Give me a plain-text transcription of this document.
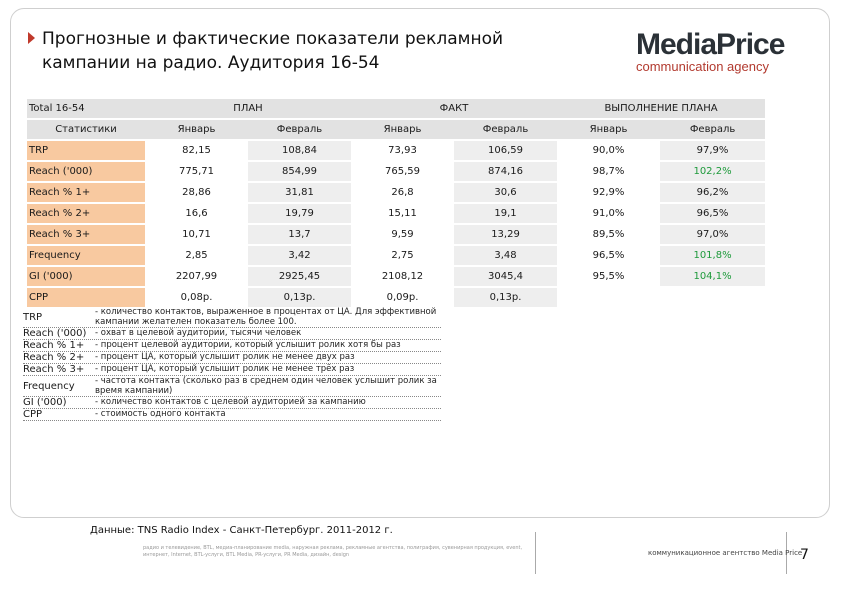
Прогнозные и фактические показатели рекламной кампании на радио. Аудитория 16-54
MediaPrice
communication agency
Total 16-54	ПЛАН		ФАКТ		ВЫПОЛНЕНИЕ ПЛАНА	
Статистики	Январь	Февраль	Январь	Февраль	Январь	Февраль
TRP	82,15	108,84	73,93	106,59	90,0%	97,9%
Reach ('000)	775,71	854,99	765,59	874,16	98,7%	102,2%
Reach % 1+	28,86	31,81	26,8	30,6	92,9%	96,2%
Reach % 2+	16,6	19,79	15,11	19,1	91,0%	96,5%
Reach % 3+	10,71	13,7	9,59	13,29	89,5%	97,0%
Frequency	2,85	3,42	2,75	3,48	96,5%	101,8%
GI ('000)	2207,99	2925,45	2108,12	3045,4	95,5%	104,1%
CPP	0,08р.	0,13р.	0,09р.	0,13р.		
TRP	- количество контактов, выраженное в процентах от ЦА. Для эффективной кампании желателен показатель более 100.
Reach ('000)	- охват в целевой аудитории, тысячи человек
Reach % 1+	- процент целевой аудитории, который услышит ролик хотя бы раз
Reach % 2+	- процент ЦА, который услышит ролик не менее двух раз
Reach % 3+	- процент ЦА, который услышит ролик не менее трёх раз
Frequency	- частота контакта (сколько раз в среднем один человек услышит ролик за время кампании)
GI ('000)	- количество контактов с целевой аудиторией за кампанию
CPP	- стоимость одного контакта
Данные: TNS Radio Index - Санкт-Петербург. 2011-2012 г.
радио и телевидение, BTL, медиа-планирование media, наружная реклама, рекламные агентства, полиграфия, сувенирная продукция, event, интернет, Internet, BTL-услуги, BTL Media, PR-услуги, PR Media, дизайн, design	коммуникационное агентство Media Price
7
